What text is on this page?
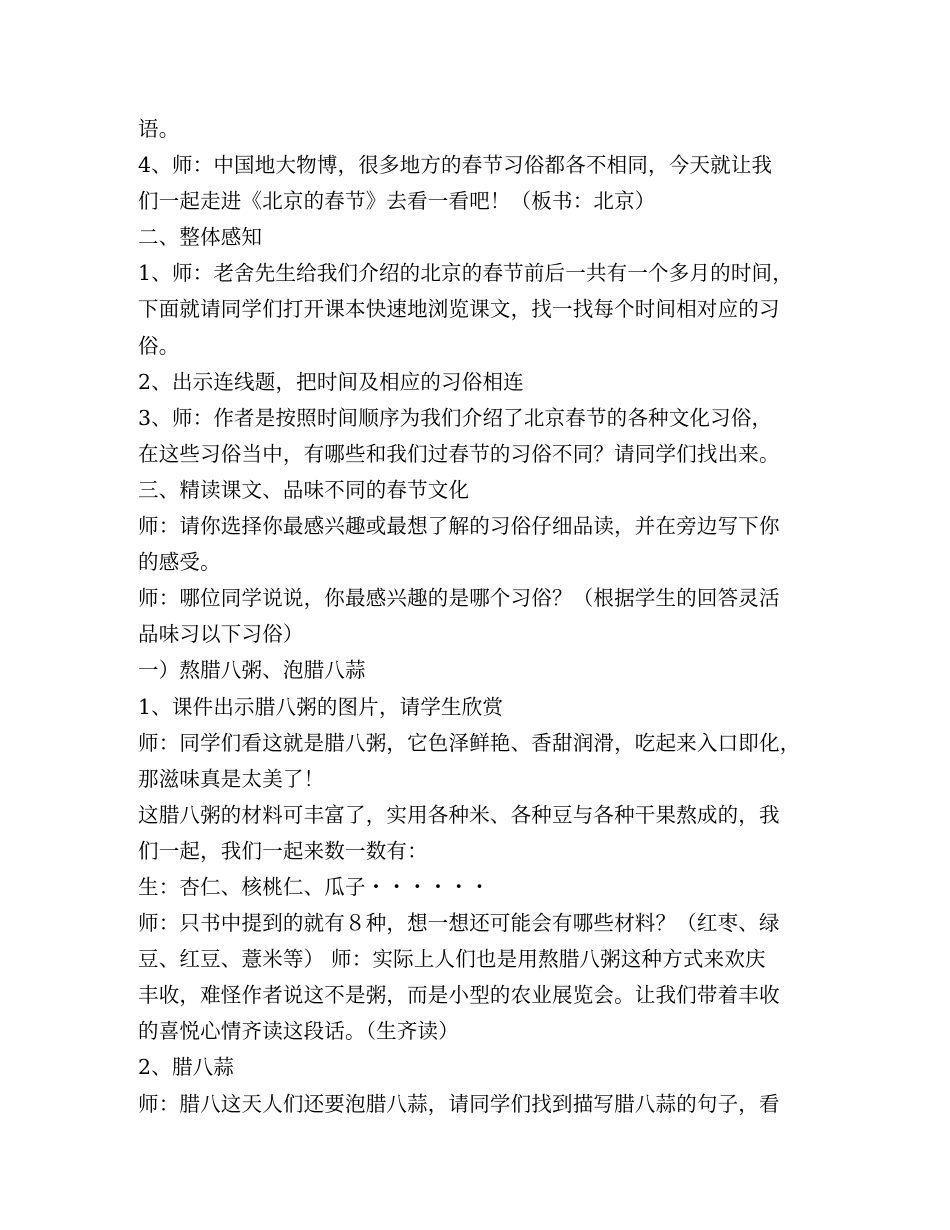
语。
4、师：中国地大物博，很多地方的春节习俗都各不相同，今天就让我
们一起走进《北京的春节》去看一看吧！（板书：北京）
二、整体感知
1、师：老舍先生给我们介绍的北京的春节前后一共有一个多月的时间，
下面就请同学们打开课本快速地浏览课文，找一找每个时间相对应的习
俗。
2、出示连线题，把时间及相应的习俗相连
3、师：作者是按照时间顺序为我们介绍了北京春节的各种文化习俗，
在这些习俗当中，有哪些和我们过春节的习俗不同？请同学们找出来。
三、精读课文、品味不同的春节文化
师：请你选择你最感兴趣或最想了解的习俗仔细品读，并在旁边写下你
的感受。
师：哪位同学说说，你最感兴趣的是哪个习俗？（根据学生的回答灵活
品味习以下习俗）
一）熬腊八粥、泡腊八蒜
1、课件出示腊八粥的图片，请学生欣赏
师：同学们看这就是腊八粥，它色泽鲜艳、香甜润滑，吃起来入口即化，
那滋味真是太美了！
这腊八粥的材料可丰富了，实用各种米、各种豆与各种干果熬成的，我
们一起，我们一起来数一数有：
生：杏仁、核桃仁、瓜子・・・・・・
师：只书中提到的就有８种，想一想还可能会有哪些材料？（红枣、绿
豆、红豆、薏米等） 师：实际上人们也是用熬腊八粥这种方式来欢庆
丰收，难怪作者说这不是粥，而是小型的农业展览会。让我们带着丰收
的喜悦心情齐读这段话。（生齐读）
2、腊八蒜
师：腊八这天人们还要泡腊八蒜，请同学们找到描写腊八蒜的句子，看
